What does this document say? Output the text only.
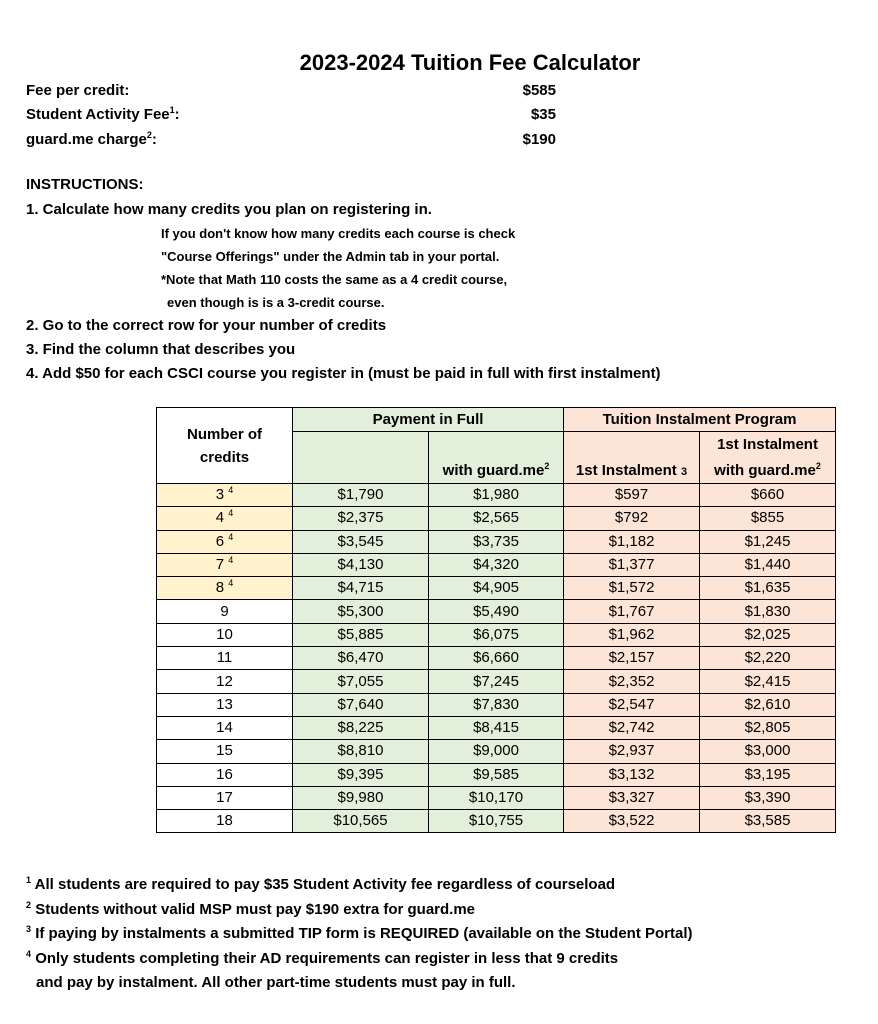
2023-2024 Tuition Fee Calculator
Fee per credit:	$585
Student Activity Fee$^1$:	$35
guard.me charge$^2$:	$190
INSTRUCTIONS:
1. Calculate how many credits you plan on registering in.
If you don't know how many credits each course is check
"Course Offerings" under the Admin tab in your portal.
*Note that Math 110 costs the same as a 4 credit course,
even though is is a 3-credit course.
2. Go to the correct row for your number of credits
3. Find the column that describes you
4. Add $50 for each CSCI course you register in (must be paid in full with first instalment)
Number of credits	Payment in Full		Tuition Instalment Program	
				1st Instalment
		with $guard.me^2$	1st Instalment 3	with $guard.me^2$
3 $^4$	$1,790	$1,980	$597	$660
4 $^4$	$2,375	$2,565	$792	$855
6 $^4$	$3,545	$3,735	$1,182	$1,245
7 $^4$	$4,130	$4,320	$1,377	$1,440
8 $^4$	$4,715	$4,905	$1,572	$1,635
9	$5,300	$5,490	$1,767	$1,830
10	$5,885	$6,075	$1,962	$2,025
11	$6,470	$6,660	$2,157	$2,220
12	$7,055	$7,245	$2,352	$2,415
13	$7,640	$7,830	$2,547	$2,610
14	$8,225	$8,415	$2,742	$2,805
15	$8,810	$9,000	$2,937	$3,000
16	$9,395	$9,585	$3,132	$3,195
17	$9,980	$10,170	$3,327	$3,390
18	$10,565	$10,755	$3,522	$3,585
$^1$ All students are required to pay $35 Student Activity fee regardless of courseload
$^2$ Students without valid MSP must pay $190 extra for guard.me
$^3$ If paying by instalments a submitted TIP form is REQUIRED (available on the Student Portal)
$^4$ Only students completing their AD requirements can register in less that 9 credits
and pay by instalment. All other part-time students must pay in full.
